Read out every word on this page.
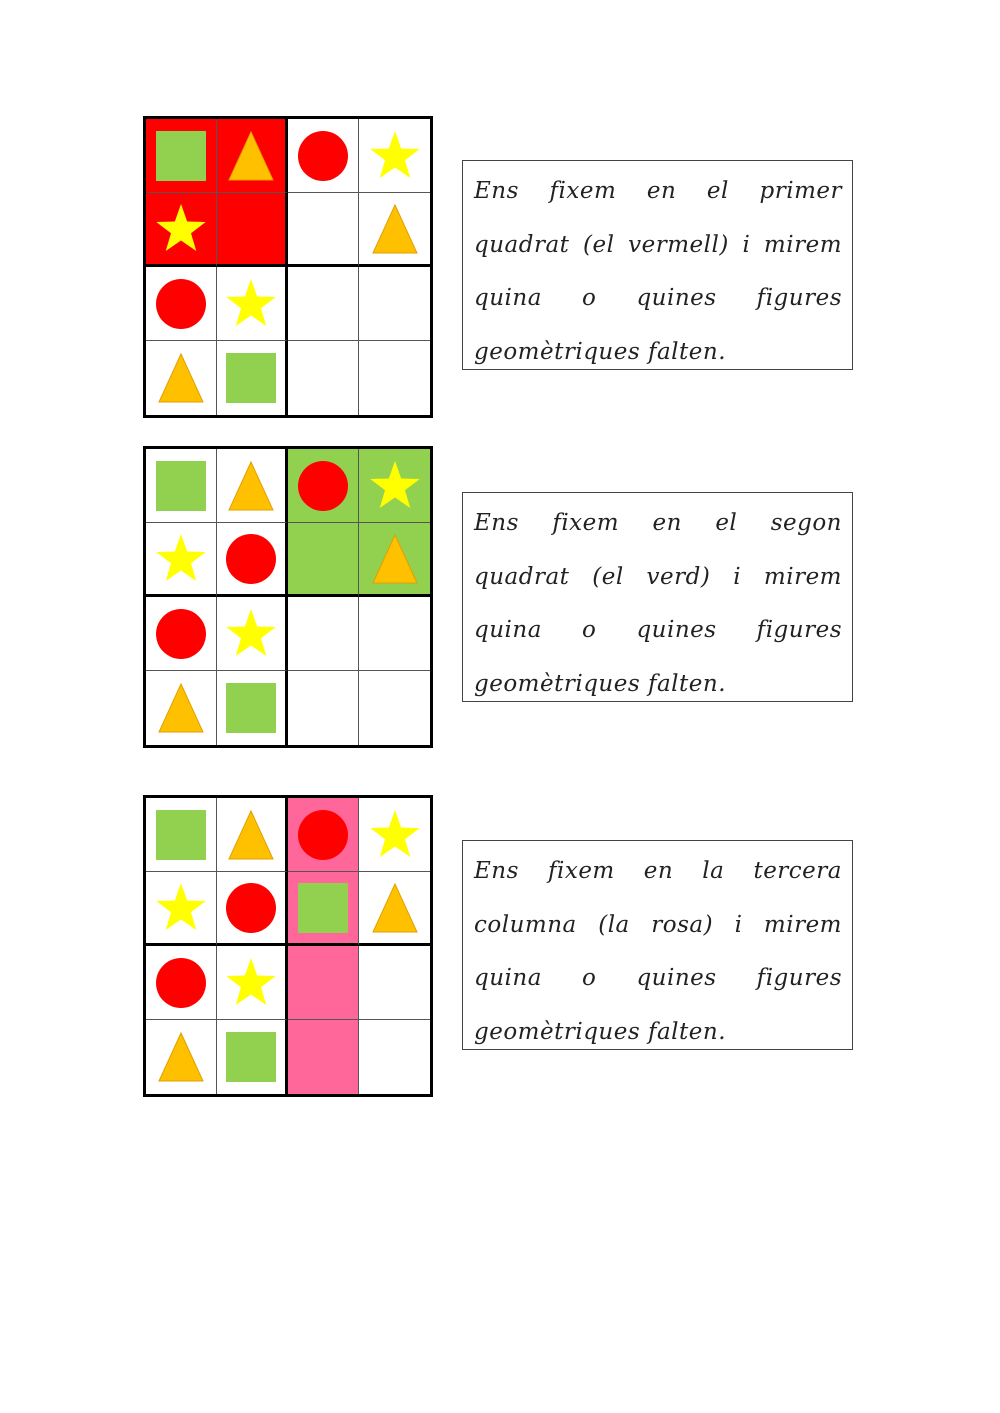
Ens fixem en el primer quadrat (el vermell) i mirem quina o quines figures geomètriques falten.
Ens fixem en el segon quadrat (el verd) i mirem quina o quines figures geomètriques falten.
Ens fixem en la tercera columna (la rosa) i mirem quina o quines figures geomètriques falten.
